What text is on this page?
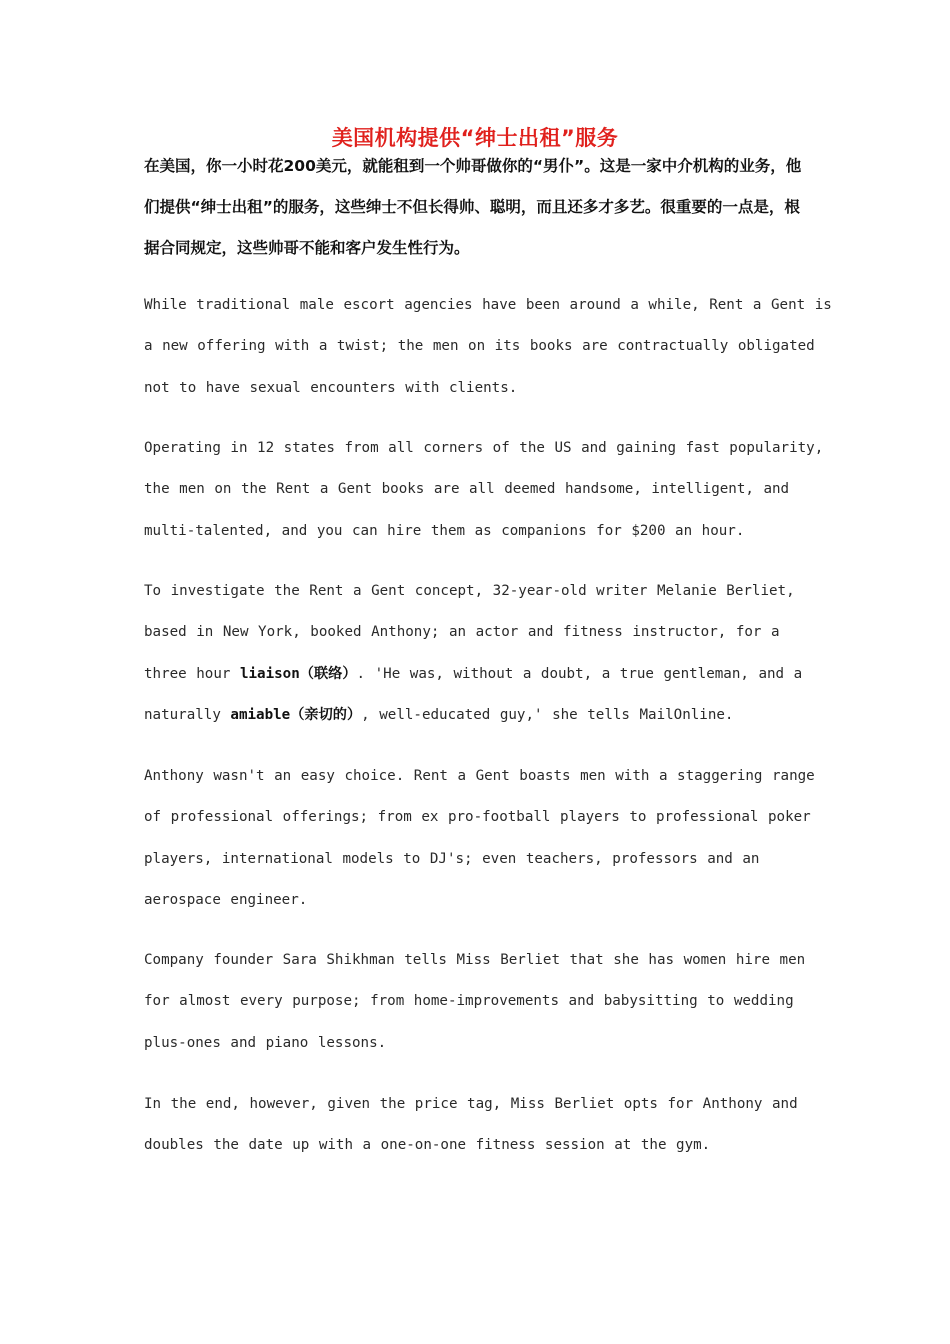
美国机构提供“绅士出租”服务
在美国，你一小时花200美元，就能租到一个帅哥做你的“男仆”。这是一家中介机构的业务，他们提供“绅士出租”的服务，这些绅士不但长得帅、聪明，而且还多才多艺。很重要的一点是，根据合同规定，这些帅哥不能和客户发生性行为。
While traditional male escort agencies have been around a while, Rent a Gent is
a new offering with a twist; the men on its books are contractually obligated
not to have sexual encounters with clients.
Operating in 12 states from all corners of the US and gaining fast popularity,
the men on the Rent a Gent books are all deemed handsome, intelligent, and
multi-talented, and you can hire them as companions for $200 an hour.
To investigate the Rent a Gent concept, 32-year-old writer Melanie Berliet,
based in New York, booked Anthony; an actor and fitness instructor, for a
three hour liaison（联络）. 'He was, without a doubt, a true gentleman, and a
naturally amiable（亲切的）, well-educated guy,' she tells MailOnline.
Anthony wasn't an easy choice. Rent a Gent boasts men with a staggering range
of professional offerings; from ex pro-football players to professional poker
players, international models to DJ's; even teachers, professors and an
aerospace engineer.
Company founder Sara Shikhman tells Miss Berliet that she has women hire men
for almost every purpose; from home-improvements and babysitting to wedding
plus-ones and piano lessons.
In the end, however, given the price tag, Miss Berliet opts for Anthony and
doubles the date up with a one-on-one fitness session at the gym.
